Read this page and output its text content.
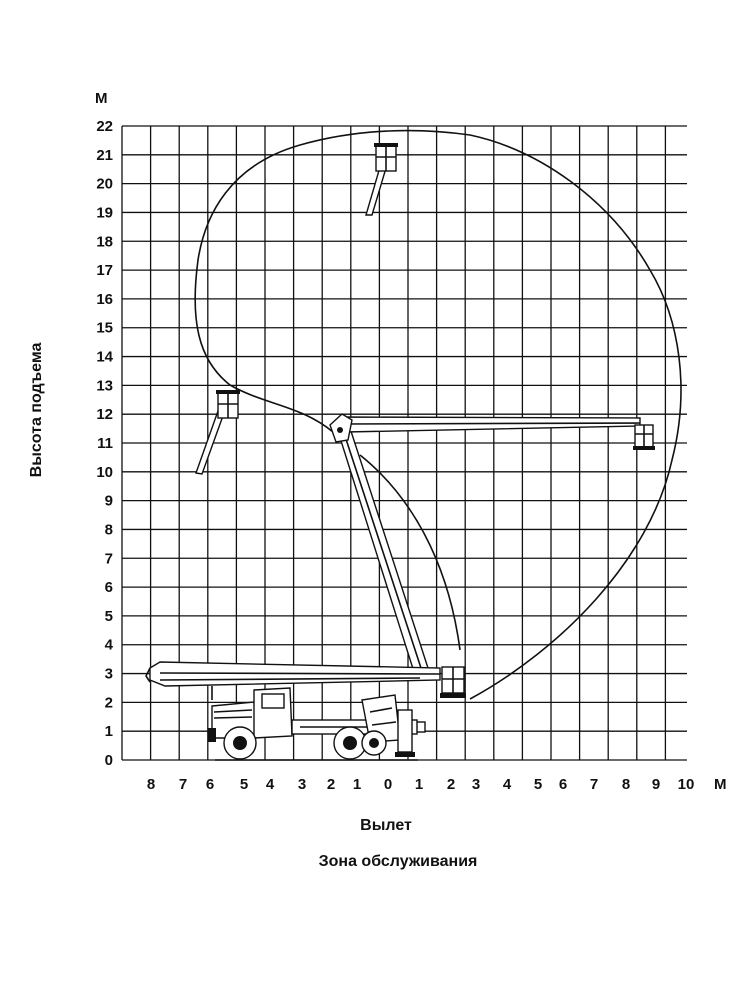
М
0
1
2
3
4
5
6
7
8
9
10
11
12
13
14
15
16
17
18
19
20
21
22
8 7 6 5 4 3 2 1 0 1 2 3 4 5 6 7 8 9 10 М
Высота подъема
Вылет
Зона обслуживания
